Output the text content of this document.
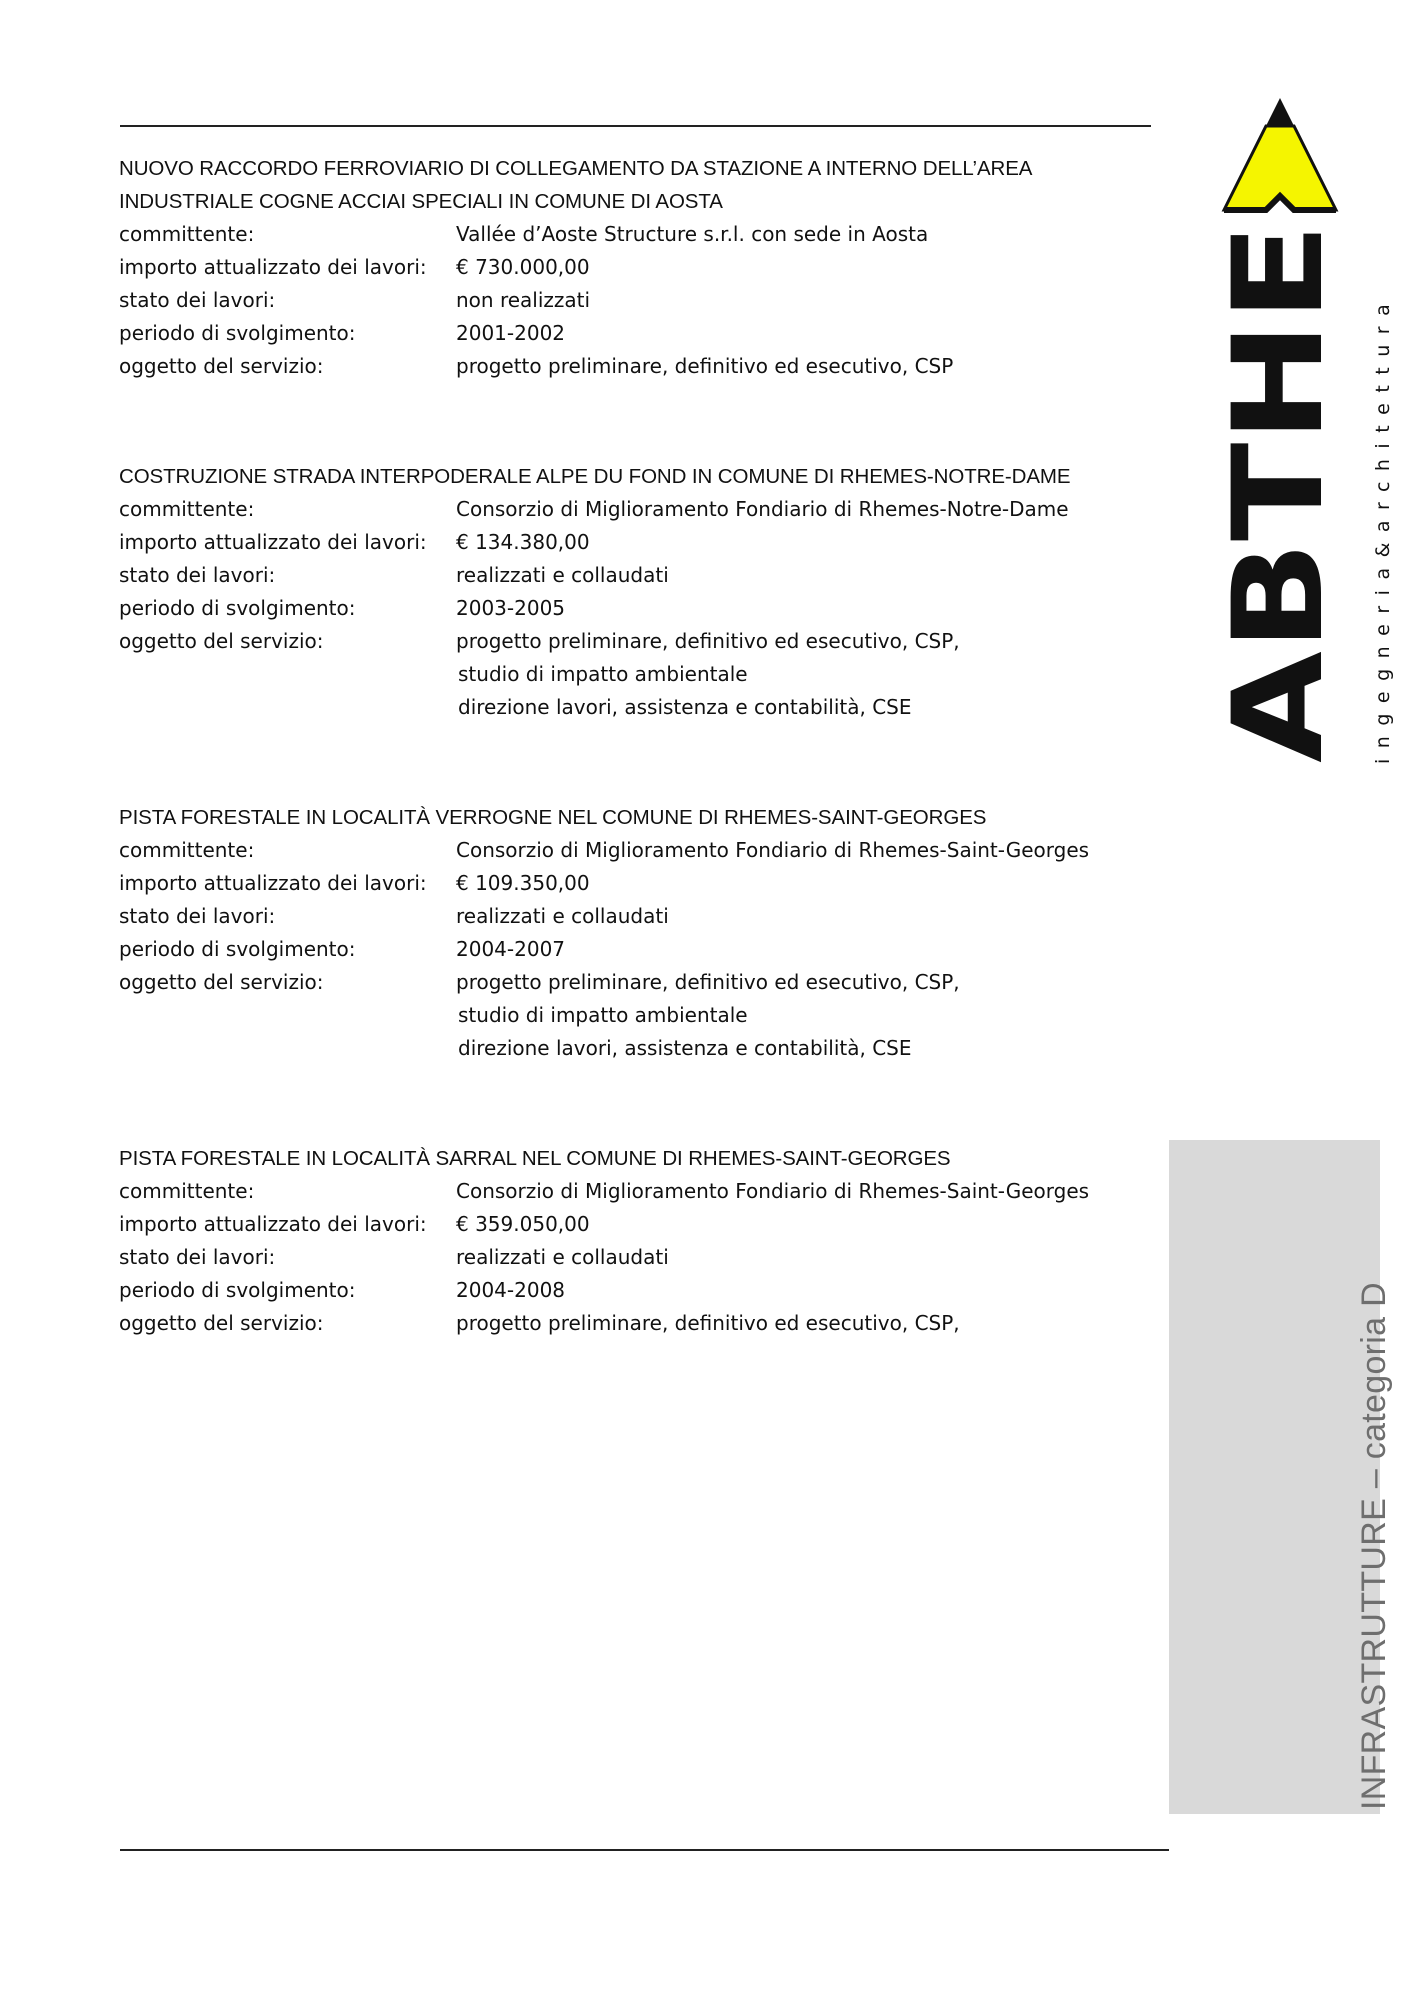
NUOVO RACCORDO FERROVIARIO DI COLLEGAMENTO DA STAZIONE A INTERNO DELL’AREA
INDUSTRIALE COGNE ACCIAI SPECIALI IN COMUNE DI AOSTA
committente:	Vallée d’Aoste Structure s.r.l. con sede in Aosta
importo attualizzato dei lavori:	€ 730.000,00
stato dei lavori:	non realizzati
periodo di svolgimento:	2001-2002
oggetto del servizio:	progetto preliminare, definitivo ed esecutivo, CSP
COSTRUZIONE STRADA INTERPODERALE ALPE DU FOND IN COMUNE DI RHEMES-NOTRE-DAME
committente:	Consorzio di Miglioramento Fondiario di Rhemes-Notre-Dame
importo attualizzato dei lavori:	€ 134.380,00
stato dei lavori:	realizzati e collaudati
periodo di svolgimento:	2003-2005
oggetto del servizio:	progetto preliminare, definitivo ed esecutivo, CSP,
studio di impatto ambientale
direzione lavori, assistenza e contabilità, CSE
PISTA FORESTALE IN LOCALITÀ VERROGNE NEL COMUNE DI RHEMES-SAINT-GEORGES
committente:	Consorzio di Miglioramento Fondiario di Rhemes-Saint-Georges
importo attualizzato dei lavori:	€ 109.350,00
stato dei lavori:	realizzati e collaudati
periodo di svolgimento:	2004-2007
oggetto del servizio:	progetto preliminare, definitivo ed esecutivo, CSP,
studio di impatto ambientale
direzione lavori, assistenza e contabilità, CSE
PISTA FORESTALE IN LOCALITÀ SARRAL NEL COMUNE DI RHEMES-SAINT-GEORGES
committente:	Consorzio di Miglioramento Fondiario di Rhemes-Saint-Georges
importo attualizzato dei lavori:	€ 359.050,00
stato dei lavori:	realizzati e collaudati
periodo di svolgimento:	2004-2008
oggetto del servizio:	progetto preliminare, definitivo ed esecutivo, CSP,	INFRASTRUTTURE – categoria D
ABTHE ingegneria&architettura
